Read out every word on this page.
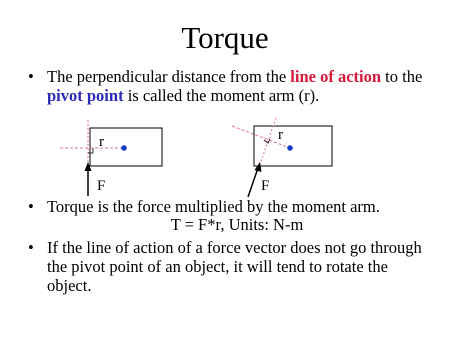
Torque
• The perpendicular distance from the line of action to the pivot point is called the moment arm (r).
r
F
r
F
• Torque is the force multiplied by the moment arm.
T = F*r, Units: N-m
• If the line of action of a force vector does not go through the pivot point of an object, it will tend to rotate the object.
